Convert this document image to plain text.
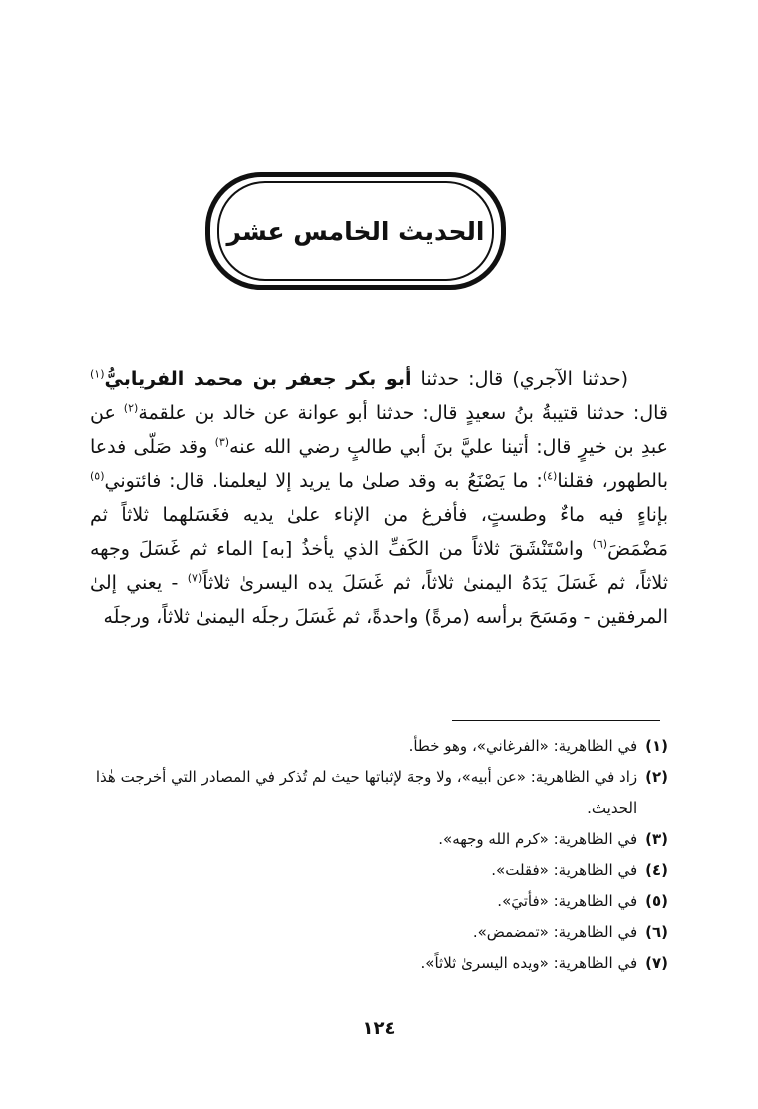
الحديث الخامس عشر

(حدثنا الآجري) قال: حدثنا أبو بكر جعفر بن محمد الفريابيُّ$^{(١)}$ قال: حدثنا قتيبةُ بنُ سعيدٍ قال: حدثنا أبو عوانة عن خالد بن علقمة$^{(٢)}$ عن عبدِ بن خيرٍ قال: أتينا عليَّ بنَ أبي طالبٍ رضي الله عنه$^{(٣)}$ وقد صَلّى فدعا بالطهور، فقلنا$^{(٤)}$: ما يَصْنَعُ به وقد صلىٰ ما يريد إلا ليعلمنا. قال: فائتوني$^{(٥)}$ بإناءٍ فيه ماءٌ وطستٍ، فأفرغ من الإناء علىٰ يديه فغَسَلهما ثلاثاً ثم مَضْمَضَ$^{(٦)}$ واسْتَنْشَقَ ثلاثاً من الكَفِّ الذي يأخذُ [به] الماء ثم غَسَلَ وجهه ثلاثاً، ثم غَسَلَ يَدَهُ اليمنىٰ ثلاثاً، ثم غَسَلَ يده اليسرىٰ ثلاثاً$^{(٧)}$ - يعني إلىٰ المرفقين - ومَسَحَ برأسه (مرةً) واحدةً، ثم غَسَلَ رجلَه اليمنىٰ ثلاثاً، ورجلَه

(١)
في الظاهرية: «الفرغاني»، وهو خطأ.
(٢)
زاد في الظاهرية: «عن أبيه»، ولا وجهَ لإثباتها حيث لم تُذكر في المصادر التي أخرجت هٰذا الحديث.
(٣)
في الظاهرية: «كرم الله وجهه».
(٤)
في الظاهرية: «فقلت».
(٥)
في الظاهرية: «فأتيَ».
(٦)
في الظاهرية: «تمضمض».
(٧)
في الظاهرية: «ويده اليسرىٰ ثلاثاً».
١٢٤
